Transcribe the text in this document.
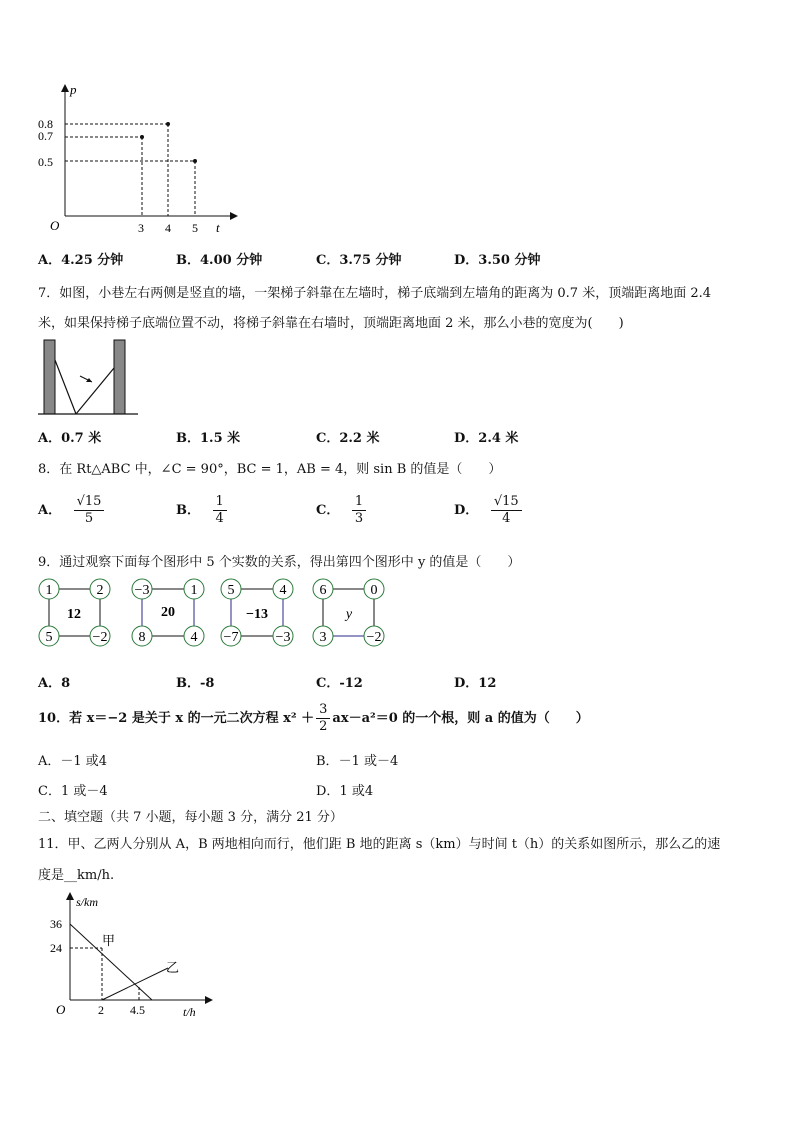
p
t
O
0.8
0.7
0.5
3 4 5
A．4.25 分钟	B．4.00 分钟	C．3.75 分钟	D．3.50 分钟
7．如图，小巷左右两侧是竖直的墙，一架梯子斜靠在左墙时，梯子底端到左墙角的距离为 0.7 米，顶端距离地面 2.4
米，如果保持梯子底端位置不动，将梯子斜靠在右墙时，顶端距离地面 2 米，那么小巷的宽度为(　　)
A．0.7 米	B．1.5 米	C．2.2 米	D．2.4 米
8．在 Rt△ABC 中，∠C = 90°，BC = 1，AB = 4，则 sin B 的值是（　　）
A． $\frac{√15}{5}$	B． $\frac{1}{4}$	C． $\frac{1}{3}$	D． $\frac{√15}{4}$
9．通过观察下面每个图形中 5 个实数的关系，得出第四个图形中 y 的值是（　　）
1	2
5	−2
12
−3	1
8	4
20
5	4
−7	−3
−13
6	0
3	−2
y
A．8	B．-8	C．-12	D．12
10．若 x＝−2 是关于 x 的一元二次方程 $x^2 + \frac{3}{2} ax-a^2=0$ 的一个根，则 a 的值为（　　）
A．－1 或4	B．－1 或－4
C．1 或－4	D．1 或4
二、填空题（共 7 小题，每小题 3 分，满分 21 分）
11．甲、乙两人分别从 A，B 两地相向而行，他们距 B 地的距离 s（km）与时间 t（h）的关系如图所示，那么乙的速
度是__km/h.
s/km
t/h
O
36
24
2 4.5
甲
乙
